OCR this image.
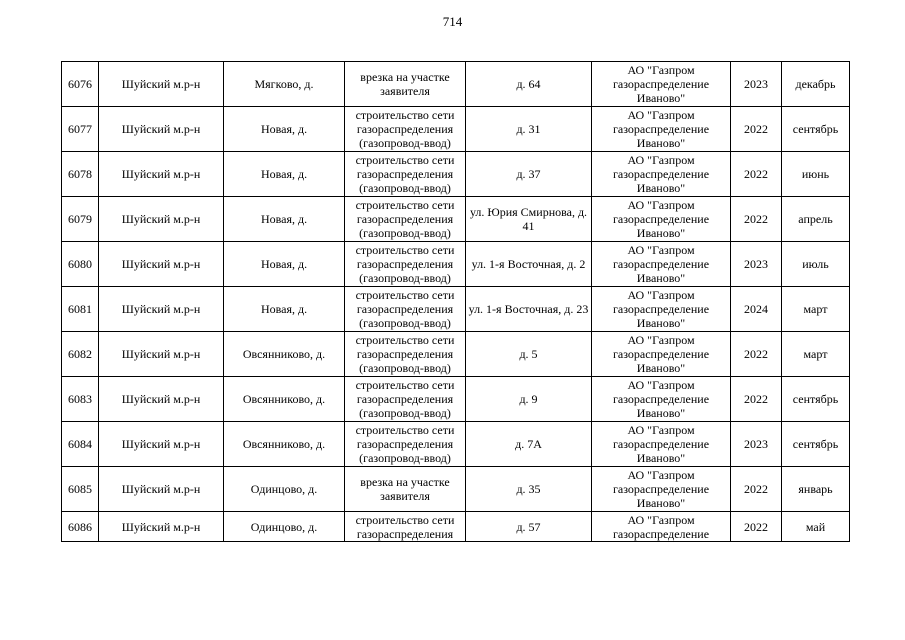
714
6076	Шуйский м.р-н	Мягково, д.	врезка на участке заявителя	д. 64	АО "Газпром газораспределение Иваново"	2023	декабрь
6077	Шуйский м.р-н	Новая, д.	строительство сети газораспределения (газопровод-ввод)	д. 31	АО "Газпром газораспределение Иваново"	2022	сентябрь
6078	Шуйский м.р-н	Новая, д.	строительство сети газораспределения (газопровод-ввод)	д. 37	АО "Газпром газораспределение Иваново"	2022	июнь
6079	Шуйский м.р-н	Новая, д.	строительство сети газораспределения (газопровод-ввод)	ул. Юрия Смирнова, д. 41	АО "Газпром газораспределение Иваново"	2022	апрель
6080	Шуйский м.р-н	Новая, д.	строительство сети газораспределения (газопровод-ввод)	ул. 1-я Восточная, д. 2	АО "Газпром газораспределение Иваново"	2023	июль
6081	Шуйский м.р-н	Новая, д.	строительство сети газораспределения (газопровод-ввод)	ул. 1-я Восточная, д. 23	АО "Газпром газораспределение Иваново"	2024	март
6082	Шуйский м.р-н	Овсянниково, д.	строительство сети газораспределения (газопровод-ввод)	д. 5	АО "Газпром газораспределение Иваново"	2022	март
6083	Шуйский м.р-н	Овсянниково, д.	строительство сети газораспределения (газопровод-ввод)	д. 9	АО "Газпром газораспределение Иваново"	2022	сентябрь
6084	Шуйский м.р-н	Овсянниково, д.	строительство сети газораспределения (газопровод-ввод)	д. 7А	АО "Газпром газораспределение Иваново"	2023	сентябрь
6085	Шуйский м.р-н	Одинцово, д.	врезка на участке заявителя	д. 35	АО "Газпром газораспределение Иваново"	2022	январь
6086	Шуйский м.р-н	Одинцово, д.	строительство сети газораспределения	д. 57	АО "Газпром газораспределение	2022	май
